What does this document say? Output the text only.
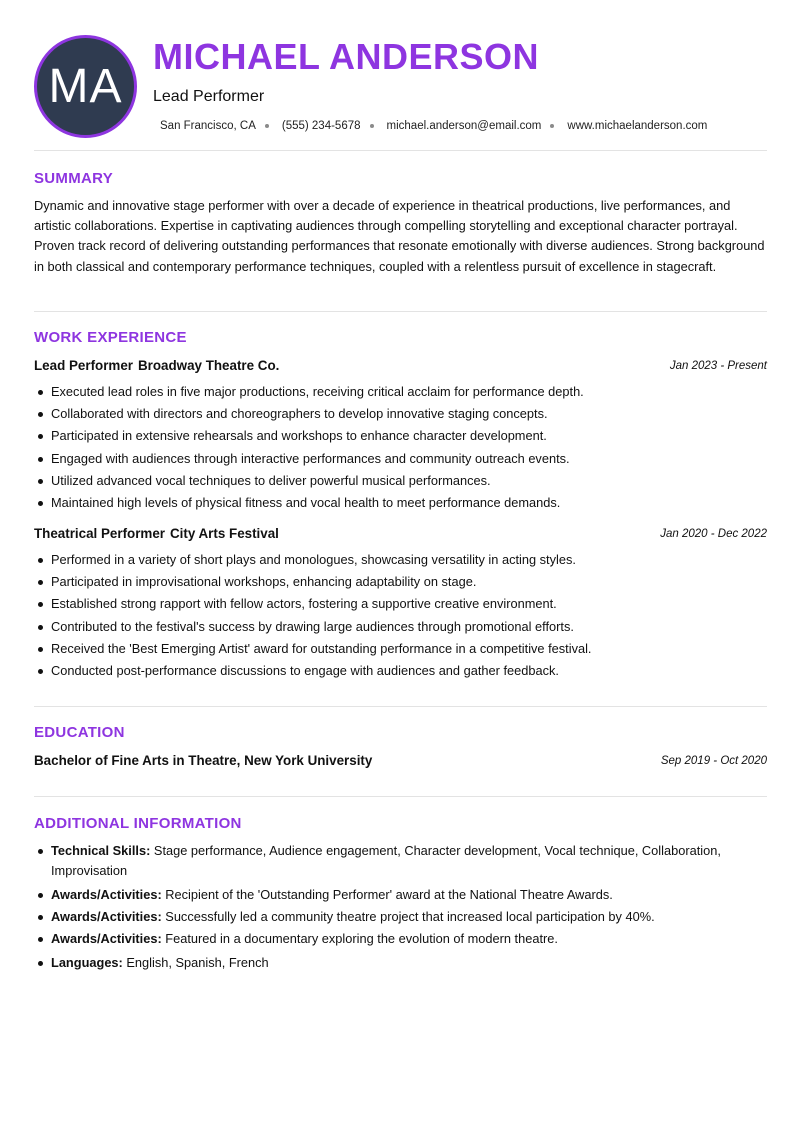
MA
MICHAEL ANDERSON
Lead Performer
San Francisco, CA (555) 234-5678 michael.anderson@email.com www.michaelanderson.com
SUMMARY

Dynamic and innovative stage performer with over a decade of experience in theatrical productions, live performances, and artistic collaborations. Expertise in captivating audiences through compelling storytelling and exceptional character portrayal. Proven track record of delivering outstanding performances that resonate emotionally with diverse audiences. Strong background in both classical and contemporary performance techniques, coupled with a relentless pursuit of excellence in stagecraft.

WORK EXPERIENCE
Lead Performer Broadway Theatre Co.	Jan 2023 - Present
Executed lead roles in five major productions, receiving critical acclaim for performance depth.
Collaborated with directors and choreographers to develop innovative staging concepts.
Participated in extensive rehearsals and workshops to enhance character development.
Engaged with audiences through interactive performances and community outreach events.
Utilized advanced vocal techniques to deliver powerful musical performances.
Maintained high levels of physical fitness and vocal health to meet performance demands.
Theatrical Performer City Arts Festival	Jan 2020 - Dec 2022
Performed in a variety of short plays and monologues, showcasing versatility in acting styles.
Participated in improvisational workshops, enhancing adaptability on stage.
Established strong rapport with fellow actors, fostering a supportive creative environment.
Contributed to the festival's success by drawing large audiences through promotional efforts.
Received the 'Best Emerging Artist' award for outstanding performance in a competitive festival.
Conducted post-performance discussions to engage with audiences and gather feedback.
EDUCATION
Bachelor of Fine Arts in Theatre, New York University	Sep 2019 - Oct 2020
ADDITIONAL INFORMATION
Technical Skills: Stage performance, Audience engagement, Character development, Vocal technique, Collaboration, Improvisation
Awards/Activities: Recipient of the 'Outstanding Performer' award at the National Theatre Awards.
Awards/Activities: Successfully led a community theatre project that increased local participation by 40%.
Awards/Activities: Featured in a documentary exploring the evolution of modern theatre.
Languages: English, Spanish, French
